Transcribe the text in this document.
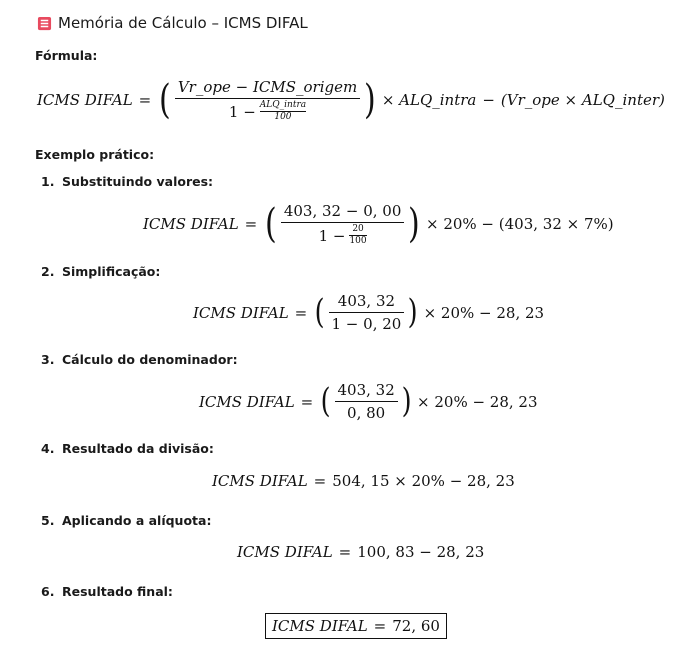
Memória de Cálculo – ICMS DIFAL
Fórmula:
ICMS DIFAL = ( Vr_ope − ICMS_origem
1 − ALQ_intra
100 ) × ALQ_intra − (Vr_ope × ALQ_inter)
Exemplo prático:
1. Substituindo valores:
ICMS DIFAL = ( 403, 32 − 0, 00
1 − 20
100 ) × 20% − (403, 32 × 7%)
2. Simplificação:
ICMS DIFAL = ( $\frac{403, 32}{1 - 0, 20}$ ) × 20% − 28, 23
3. Cálculo do denominador:
ICMS DIFAL = ( $\frac{403, 32}{0, 80}$ ) × 20% − 28, 23
4. Resultado da divisão:
ICMS DIFAL = 504, 15 × 20% − 28, 23
5. Aplicando a alíquota:
ICMS DIFAL = 100, 83 − 28, 23
6. Resultado final:
ICMS DIFAL = 72, 60
